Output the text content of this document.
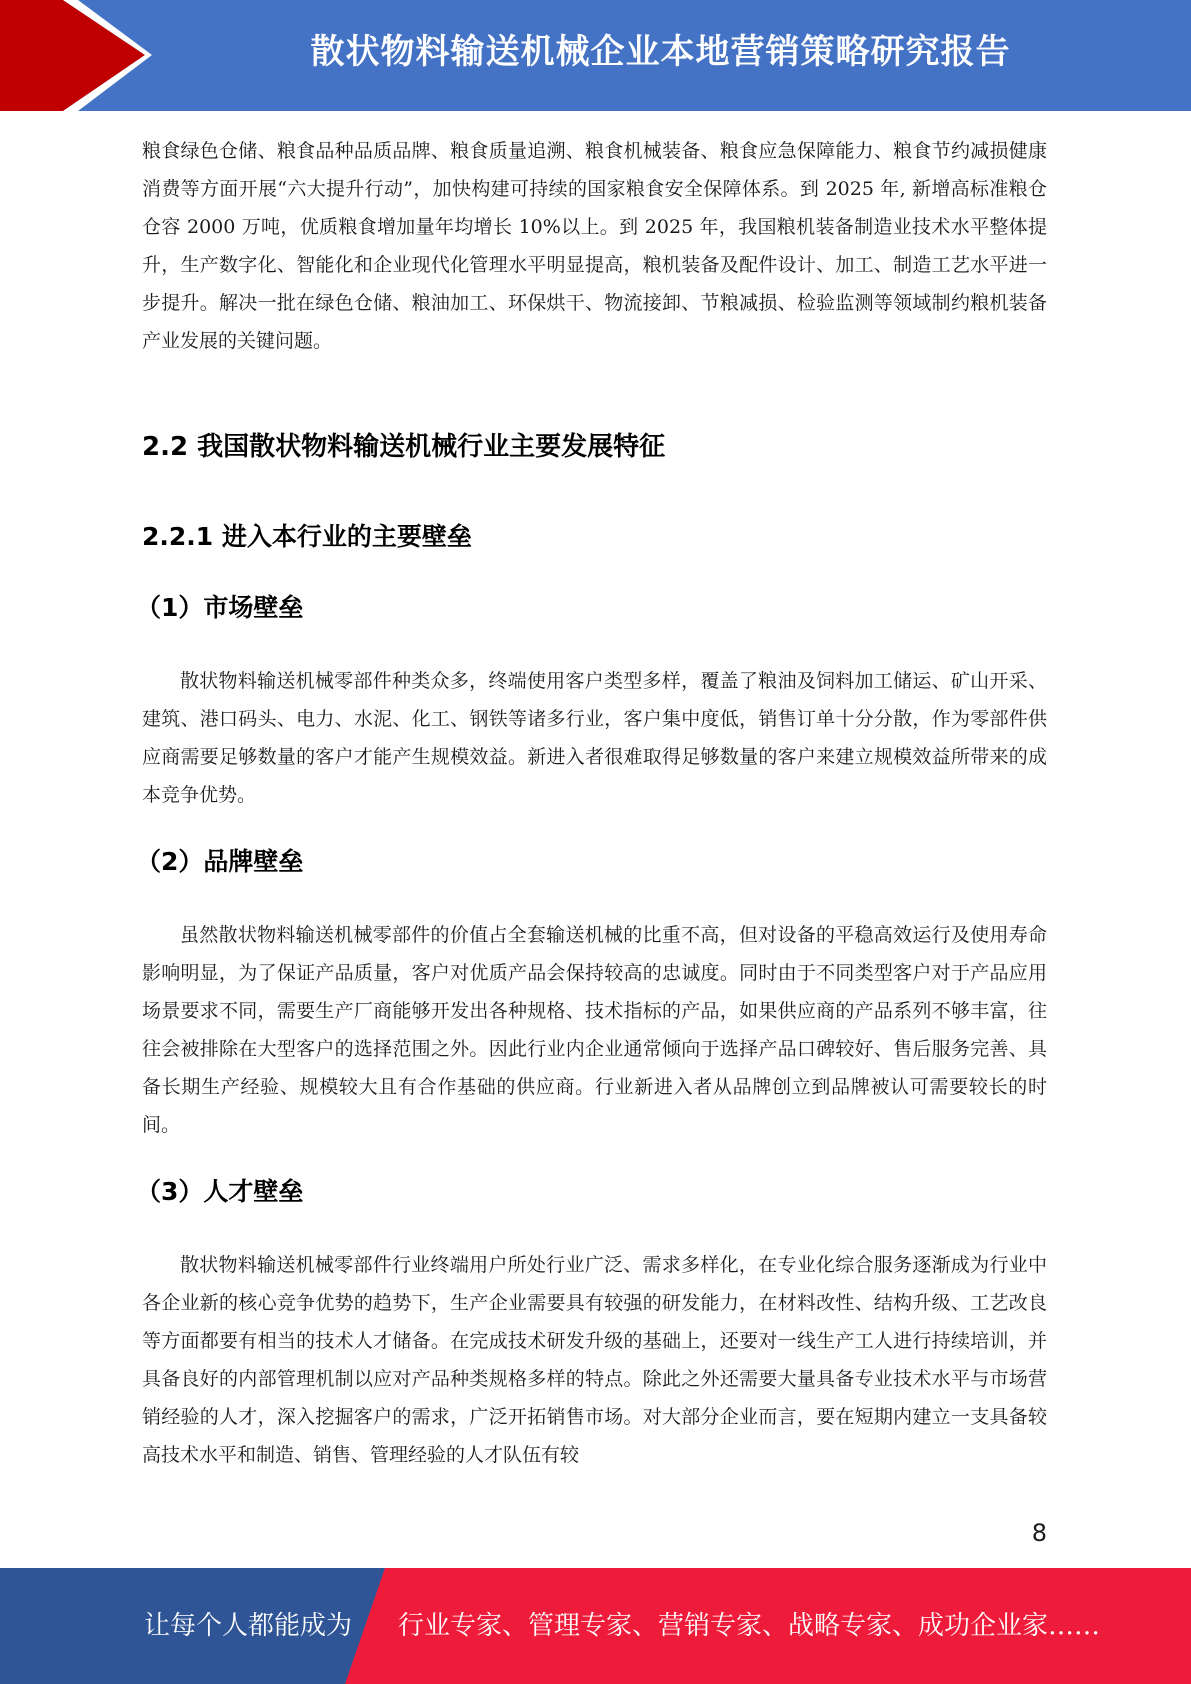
散状物料输送机械企业本地营销策略研究报告

粮食绿色仓储、粮食品种品质品牌、粮食质量追溯、粮食机械装备、粮食应急保障能力、粮食节约减损健康消费等方面开展“六大提升行动”，加快构建可持续的国家粮食安全保障体系。到 2025 年, 新增高标准粮仓仓容 2000 万吨，优质粮食增加量年均增长 10%以上。到 2025 年，我国粮机装备制造业技术水平整体提升，生产数字化、智能化和企业现代化管理水平明显提高，粮机装备及配件设计、加工、制造工艺水平进一步提升。解决一批在绿色仓储、粮油加工、环保烘干、物流接卸、节粮减损、检验监测等领域制约粮机装备产业发展的关键问题。

2.2 我国散状物料输送机械行业主要发展特征
2.2.1 进入本行业的主要壁垒
（1）市场壁垒

散状物料输送机械零部件种类众多，终端使用客户类型多样，覆盖了粮油及饲料加工储运、矿山开采、建筑、港口码头、电力、水泥、化工、钢铁等诸多行业，客户集中度低，销售订单十分分散，作为零部件供应商需要足够数量的客户才能产生规模效益。新进入者很难取得足够数量的客户来建立规模效益所带来的成本竞争优势。

（2）品牌壁垒

虽然散状物料输送机械零部件的价值占全套输送机械的比重不高，但对设备的平稳高效运行及使用寿命影响明显，为了保证产品质量，客户对优质产品会保持较高的忠诚度。同时由于不同类型客户对于产品应用场景要求不同，需要生产厂商能够开发出各种规格、技术指标的产品，如果供应商的产品系列不够丰富，往往会被排除在大型客户的选择范围之外。因此行业内企业通常倾向于选择产品口碑较好、售后服务完善、具备长期生产经验、规模较大且有合作基础的供应商。行业新进入者从品牌创立到品牌被认可需要较长的时间。

（3）人才壁垒

散状物料输送机械零部件行业终端用户所处行业广泛、需求多样化，在专业化综合服务逐渐成为行业中各企业新的核心竞争优势的趋势下，生产企业需要具有较强的研发能力，在材料改性、结构升级、工艺改良等方面都要有相当的技术人才储备。在完成技术研发升级的基础上，还要对一线生产工人进行持续培训，并具备良好的内部管理机制以应对产品种类规格多样的特点。除此之外还需要大量具备专业技术水平与市场营销经验的人才，深入挖掘客户的需求，广泛开拓销售市场。对大部分企业而言，要在短期内建立一支具备较高技术水平和制造、销售、管理经验的人才队伍有较

8
让每个人都能成为 行业专家、管理专家、营销专家、战略专家、成功企业家……
